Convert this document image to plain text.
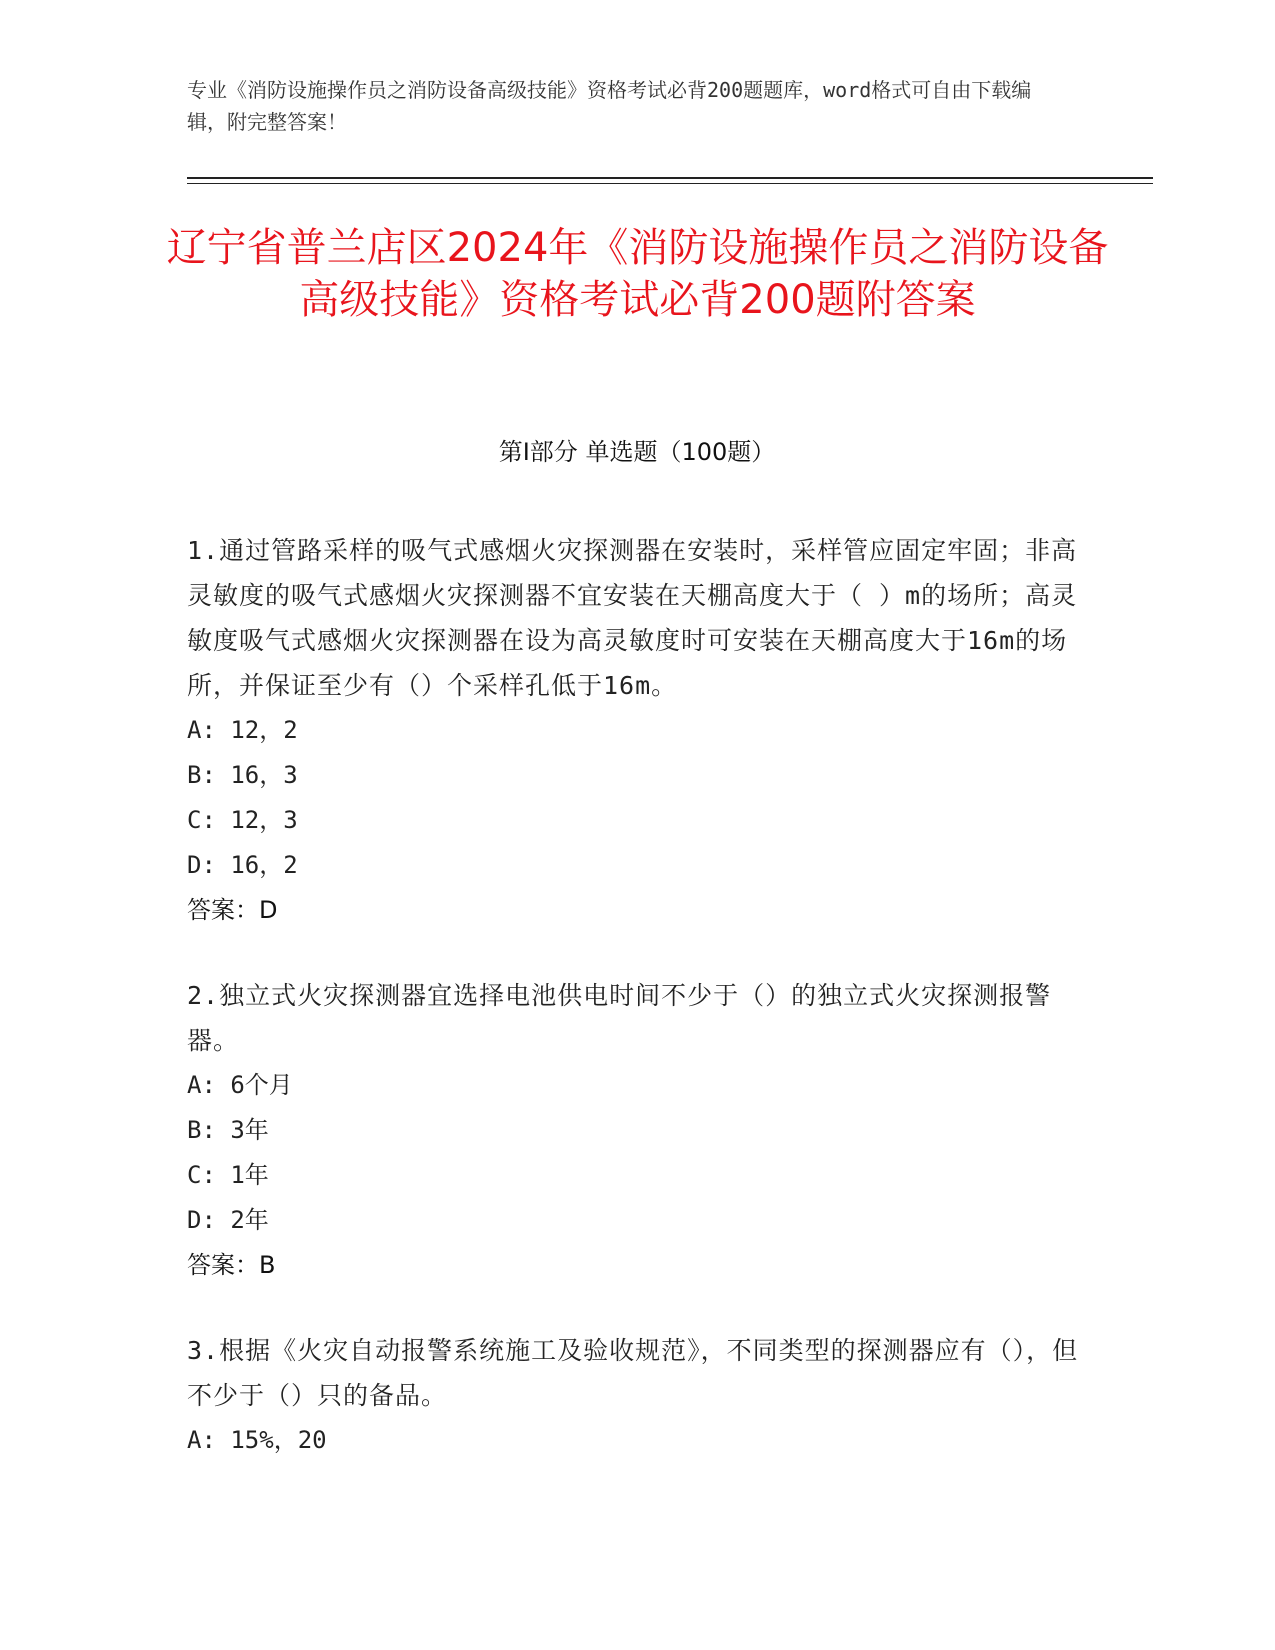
专业《消防设施操作员之消防设备高级技能》资格考试必背200题题库，word格式可自由下载编辑，附完整答案！
辽宁省普兰店区2024年《消防设施操作员之消防设备高级技能》资格考试必背200题附答案
第Ⅰ部分 单选题（100题）

1.通过管路采样的吸气式感烟火灾探测器在安装时，采样管应固定牢固；非高灵敏度的吸气式感烟火灾探测器不宜安装在天棚高度大于（ ）m的场所；高灵敏度吸气式感烟火灾探测器在设为高灵敏度时可安装在天棚高度大于16m的场所，并保证至少有（）个采样孔低于16m。

A: 12，2

B: 16，3

C: 12，3

D: 16，2

答案：D

2.独立式火灾探测器宜选择电池供电时间不少于（）的独立式火灾探测报警器。

A: 6个月

B: 3年

C: 1年

D: 2年

答案：B

3.根据《火灾自动报警系统施工及验收规范》，不同类型的探测器应有（），但不少于（）只的备品。

A: 15%，20
